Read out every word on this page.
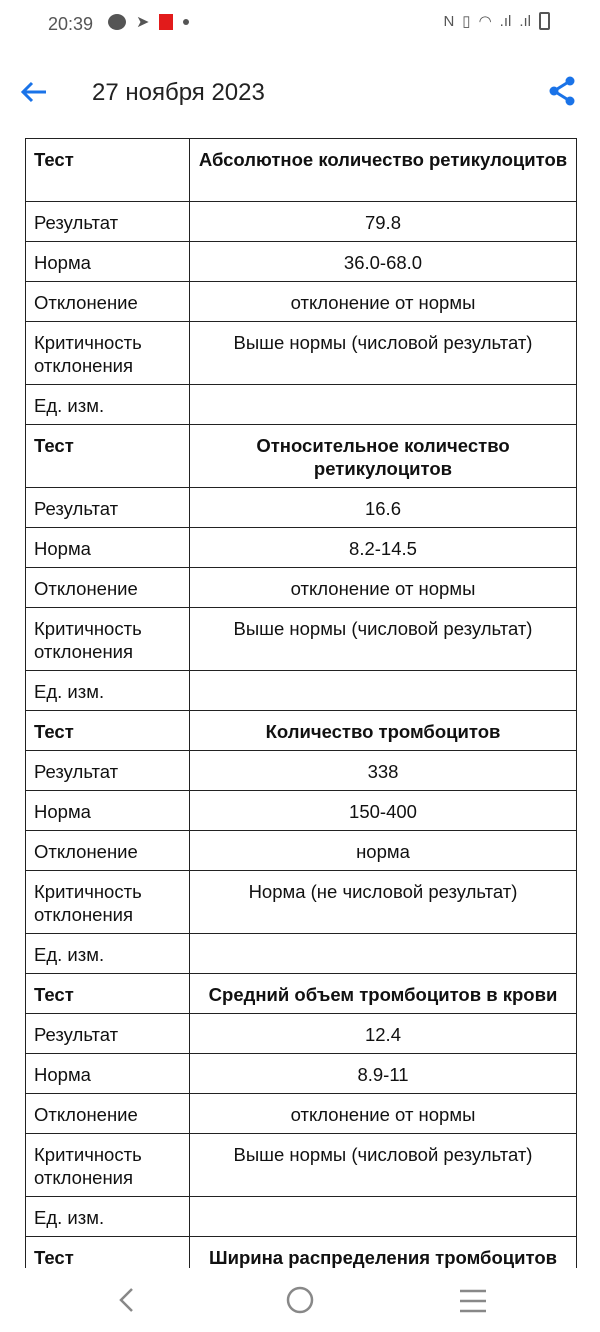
20:39	➤	N ▯ ◠ .ıl .ıl
27 ноября 2023
Тест	Абсолютное количество ретикулоцитов
Результат	79.8
Норма	36.0-68.0
Отклонение	отклонение от нормы
Критичность отклонения	Выше нормы (числовой результат)
Ед. изм.	
Тест	Относительное количество ретикулоцитов
Результат	16.6
Норма	8.2-14.5
Отклонение	отклонение от нормы
Критичность отклонения	Выше нормы (числовой результат)
Ед. изм.	
Тест	Количество тромбоцитов
Результат	338
Норма	150-400
Отклонение	норма
Критичность отклонения	Норма (не числовой результат)
Ед. изм.	
Тест	Средний объем тромбоцитов в крови
Результат	12.4
Норма	8.9-11
Отклонение	отклонение от нормы
Критичность отклонения	Выше нормы (числовой результат)
Ед. изм.	
Тест	Ширина распределения тромбоцитов
